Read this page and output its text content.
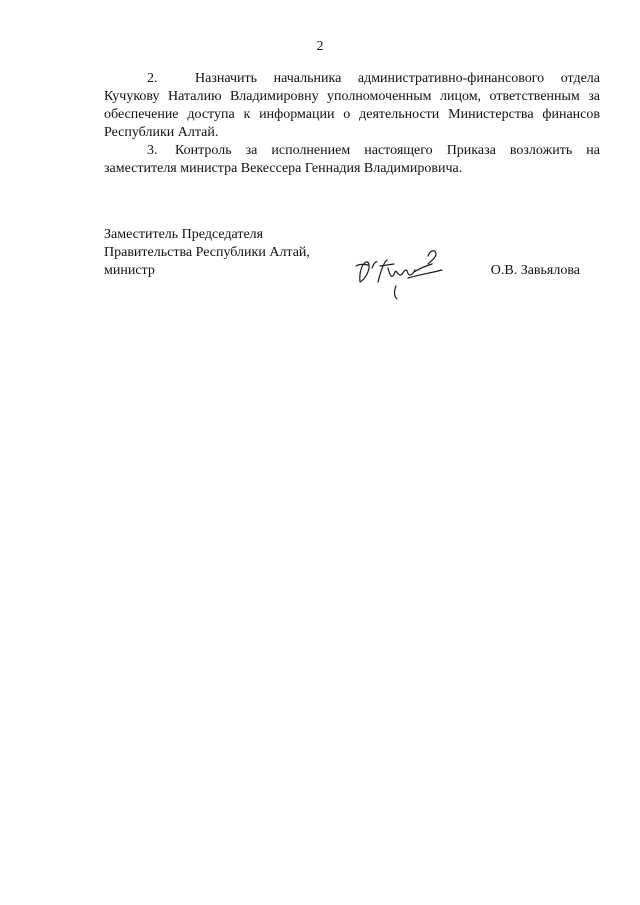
2

2.	Назначить начальника административно-финансового отдела Кучукову Наталию Владимировну уполномоченным лицом, ответственным за обеспечение доступа к информации о деятельности Министерства финансов Республики Алтай.

3. Контроль за исполнением настоящего Приказа возложить на заместителя министра Векессера Геннадия Владимировича.

Заместитель Председателя
Правительства Республики Алтай,
министр	О.В. Завьялова
